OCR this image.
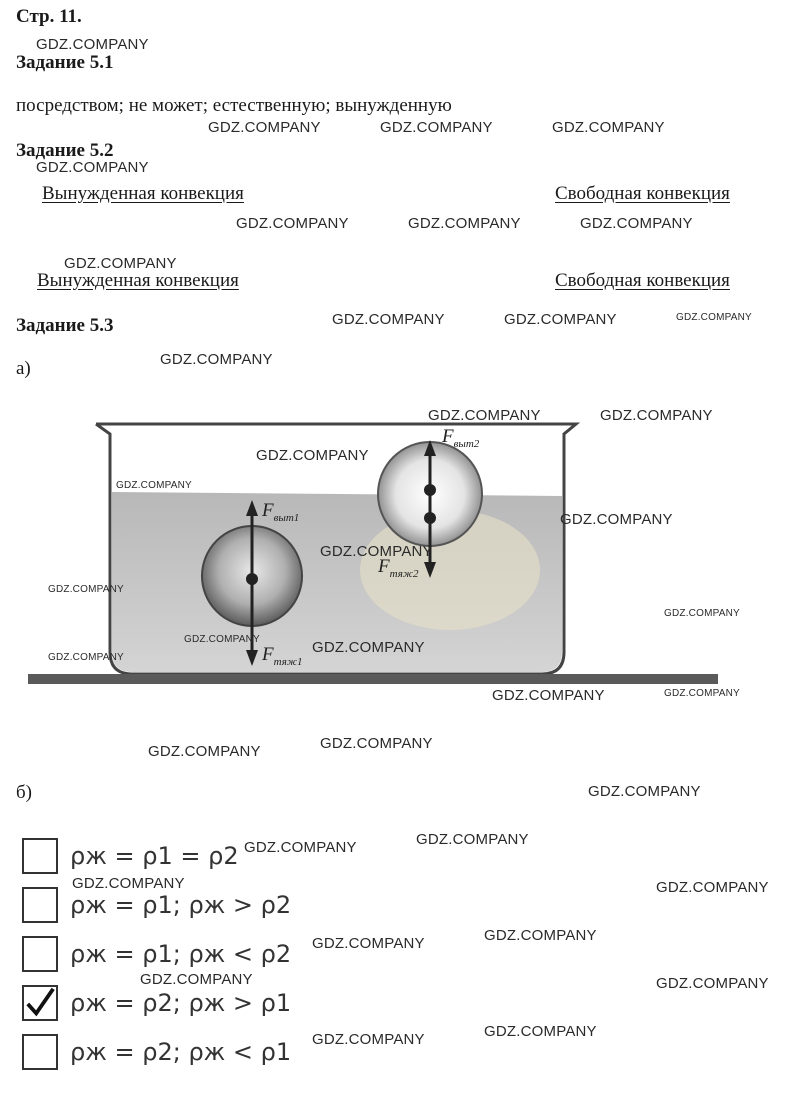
Стр. 11.
Задание 5.1
посредством; не может; естественную; вынужденную
Задание 5.2
Вынужденная конвекция	Свободная конвекция
Вынужденная конвекция	Свободная конвекция
Задание 5.3
а)
$F_{выт1}$
$F_{тяж1}$
$F_{выт2}$
$F_{тяж2}$
б)
ρж = ρ1 = ρ2
ρж = ρ1; ρж > ρ2
ρж = ρ1; ρж < ρ2
ρж = ρ2; ρж > ρ1
ρж = ρ2; ρж < ρ1
GDZ.COMPANY
GDZ.COMPANY	GDZ.COMPANY	GDZ.COMPANY
GDZ.COMPANY
GDZ.COMPANY	GDZ.COMPANY	GDZ.COMPANY
GDZ.COMPANY
GDZ.COMPANY	GDZ.COMPANY	GDZ.COMPANY
GDZ.COMPANY
GDZ.COMPANY	GDZ.COMPANY
GDZ.COMPANY
GDZ.COMPANY
GDZ.COMPANY
GDZ.COMPANY
GDZ.COMPANY
GDZ.COMPANY
GDZ.COMPANY	GDZ.COMPANY
GDZ.COMPANY
GDZ.COMPANY	GDZ.COMPANY
GDZ.COMPANY
GDZ.COMPANY
GDZ.COMPANY
GDZ.COMPANY
GDZ.COMPANY
GDZ.COMPANY	GDZ.COMPANY
GDZ.COMPANY
GDZ.COMPANY
GDZ.COMPANY	GDZ.COMPANY
GDZ.COMPANY
GDZ.COMPANY
